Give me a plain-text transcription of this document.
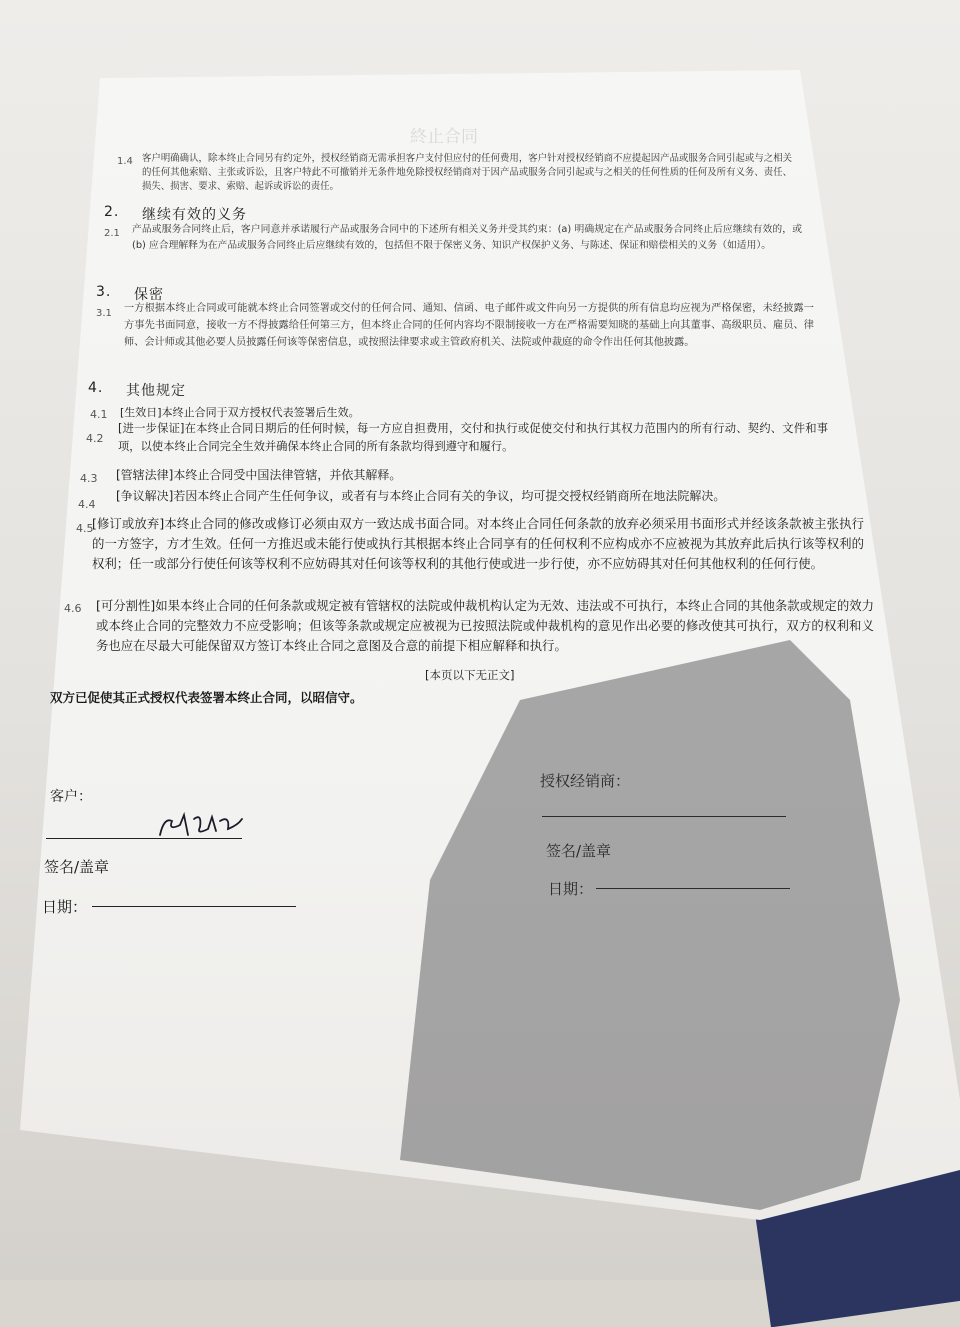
終止合同
1.4 客户明确确认，除本终止合同另有约定外，授权经销商无需承担客户支付但应付的任何费用，客户针对授权经销商不应提起因产品或服务合同引起或与之相关的任何其他索赔、主张或诉讼，且客户特此不可撤销并无条件地免除授权经销商对于因产品或服务合同引起或与之相关的任何性质的任何及所有义务、责任、损失、损害、要求、索赔、起诉或诉讼的责任。
2. 继续有效的义务
2.1 产品或服务合同终止后，客户同意并承诺履行产品或服务合同中的下述所有相关义务并受其约束：(a) 明确规定在产品或服务合同终止后应继续有效的，或 (b) 应合理解释为在产品或服务合同终止后应继续有效的，包括但不限于保密义务、知识产权保护义务、与陈述、保证和赔偿相关的义务（如适用）。
3. 保密
3.1 一方根据本终止合同或可能就本终止合同签署或交付的任何合同、通知、信函、电子邮件或文件向另一方提供的所有信息均应视为严格保密，未经披露一方事先书面同意，接收一方不得披露给任何第三方，但本终止合同的任何内容均不限制接收一方在严格需要知晓的基础上向其董事、高级职员、雇员、律师、会计师或其他必要人员披露任何该等保密信息，或按照法律要求或主管政府机关、法院或仲裁庭的命令作出任何其他披露。
4. 其他规定
4.1 [生效日]本终止合同于双方授权代表签署后生效。
4.2
[进一步保证]在本终止合同日期后的任何时候，每一方应自担费用，交付和执行或促使交付和执行其权力范围内的所有行动、契约、文件和事项，以使本终止合同完全生效并确保本终止合同的所有条款均得到遵守和履行。
4.3 [管辖法律]本终止合同受中国法律管辖，并依其解释。
4.4
[争议解决]若因本终止合同产生任何争议，或者有与本终止合同有关的争议，均可提交授权经销商所在地法院解决。
4.5
[修订或放弃]本终止合同的修改或修订必须由双方一致达成书面合同。对本终止合同任何条款的放弃必须采用书面形式并经该条款被主张执行的一方签字，方才生效。任何一方推迟或未能行使或执行其根据本终止合同享有的任何权利不应构成亦不应被视为其放弃此后执行该等权利的权利；任一或部分行使任何该等权利不应妨碍其对任何该等权利的其他行使或进一步行使，亦不应妨碍其对任何其他权利的任何行使。
4.6 [可分割性]如果本终止合同的任何条款或规定被有管辖权的法院或仲裁机构认定为无效、违法或不可执行，本终止合同的其他条款或规定的效力或本终止合同的完整效力不应受影响；但该等条款或规定应被视为已按照法院或仲裁机构的意见作出必要的修改使其可执行，双方的权利和义务也应在尽最大可能保留双方签订本终止合同之意图及合意的前提下相应解释和执行。
[本页以下无正文]
双方已促使其正式授权代表签署本终止合同，以昭信守。
客户：
签名/盖章
日期：
授权经销商：
签名/盖章
日期：
